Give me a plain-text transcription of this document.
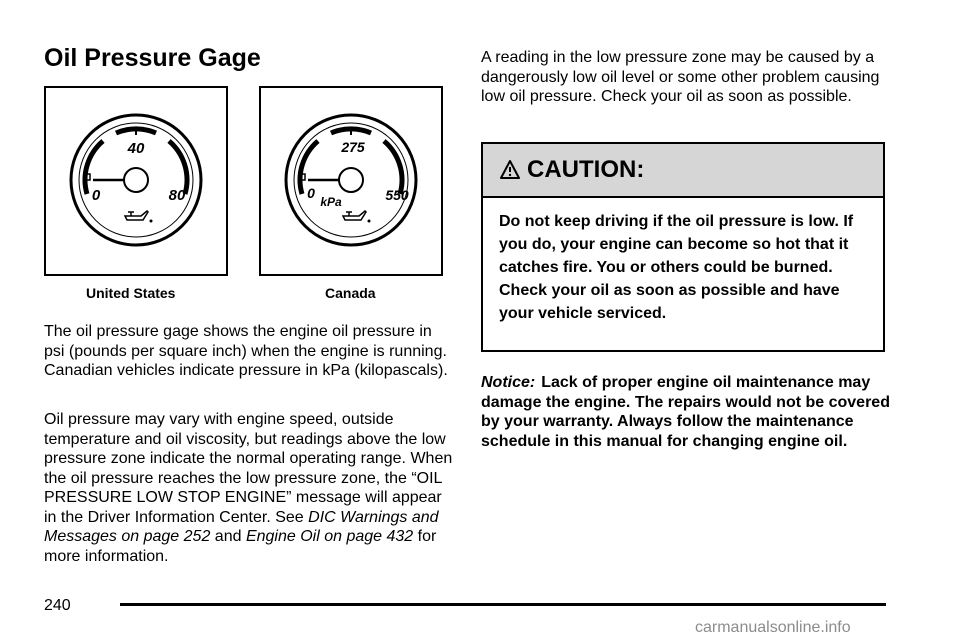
Oil Pressure Gage
40
0	80
United States
275
0	550
kPa
Canada

The oil pressure gage shows the engine oil pressure in psi (pounds per square inch) when the engine is running. Canadian vehicles indicate pressure in kPa (kilopascals).

Oil pressure may vary with engine speed, outside temperature and oil viscosity, but readings above the low pressure zone indicate the normal operating range. When the oil pressure reaches the low pressure zone, the “OIL PRESSURE LOW STOP ENGINE” message will appear in the Driver Information Center. See DIC Warnings and Messages on page 252 and Engine Oil on page 432 for more information.

A reading in the low pressure zone may be caused by a dangerously low oil level or some other problem causing low oil pressure. Check your oil as soon as possible.

CAUTION:
Do not keep driving if the oil pressure is low. If you do, your engine can become so hot that it catches fire. You or others could be burned. Check your oil as soon as possible and have your vehicle serviced.

Notice: Lack of proper engine oil maintenance may damage the engine. The repairs would not be covered by your warranty. Always follow the maintenance schedule in this manual for changing engine oil.

240
carmanualsonline.info
